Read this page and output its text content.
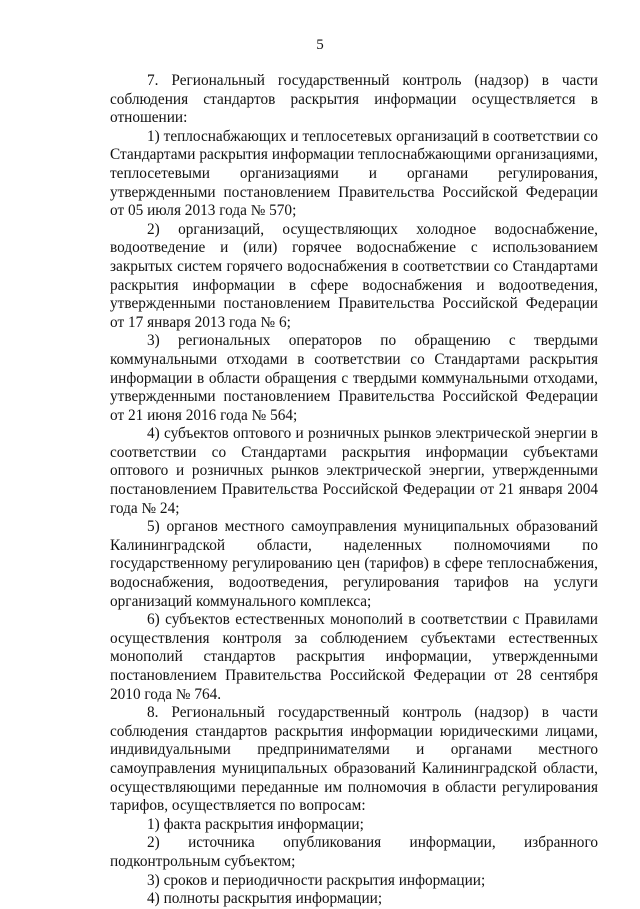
5

7. Региональный государственный контроль (надзор) в части соблюдения стандартов раскрытия информации осуществляется в отношении:

1) теплоснабжающих и теплосетевых организаций в соответствии со Стандартами раскрытия информации теплоснабжающими организациями, теплосетевыми организациями и органами регулирования, утвержденными постановлением Правительства Российской Федерации от 05 июля 2013 года № 570;

2) организаций, осуществляющих холодное водоснабжение, водоотведение и (или) горячее водоснабжение с использованием закрытых систем горячего водоснабжения в соответствии со Стандартами раскрытия информации в сфере водоснабжения и водоотведения, утвержденными постановлением Правительства Российской Федерации от 17 января 2013 года № 6;

3) региональных операторов по обращению с твердыми коммунальными отходами в соответствии со Стандартами раскрытия информации в области обращения с твердыми коммунальными отходами, утвержденными постановлением Правительства Российской Федерации от 21 июня 2016 года № 564;

4) субъектов оптового и розничных рынков электрической энергии в соответствии со Стандартами раскрытия информации субъектами оптового и розничных рынков электрической энергии, утвержденными постановлением Правительства Российской Федерации от 21 января 2004 года № 24;

5) органов местного самоуправления муниципальных образований Калининградской области, наделенных полномочиями по государственному регулированию цен (тарифов) в сфере теплоснабжения, водоснабжения, водоотведения, регулирования тарифов на услуги организаций коммунального комплекса;

6) субъектов естественных монополий в соответствии с Правилами осуществления контроля за соблюдением субъектами естественных монополий стандартов раскрытия информации, утвержденными постановлением Правительства Российской Федерации от 28 сентября 2010 года № 764.

8. Региональный государственный контроль (надзор) в части соблюдения стандартов раскрытия информации юридическими лицами, индивидуальными предпринимателями и органами местного самоуправления муниципальных образований Калининградской области, осуществляющими переданные им полномочия в области регулирования тарифов, осуществляется по вопросам:

1) факта раскрытия информации;

2) источника опубликования информации, избранного подконтрольным субъектом;

3) сроков и периодичности раскрытия информации;

4) полноты раскрытия информации;
